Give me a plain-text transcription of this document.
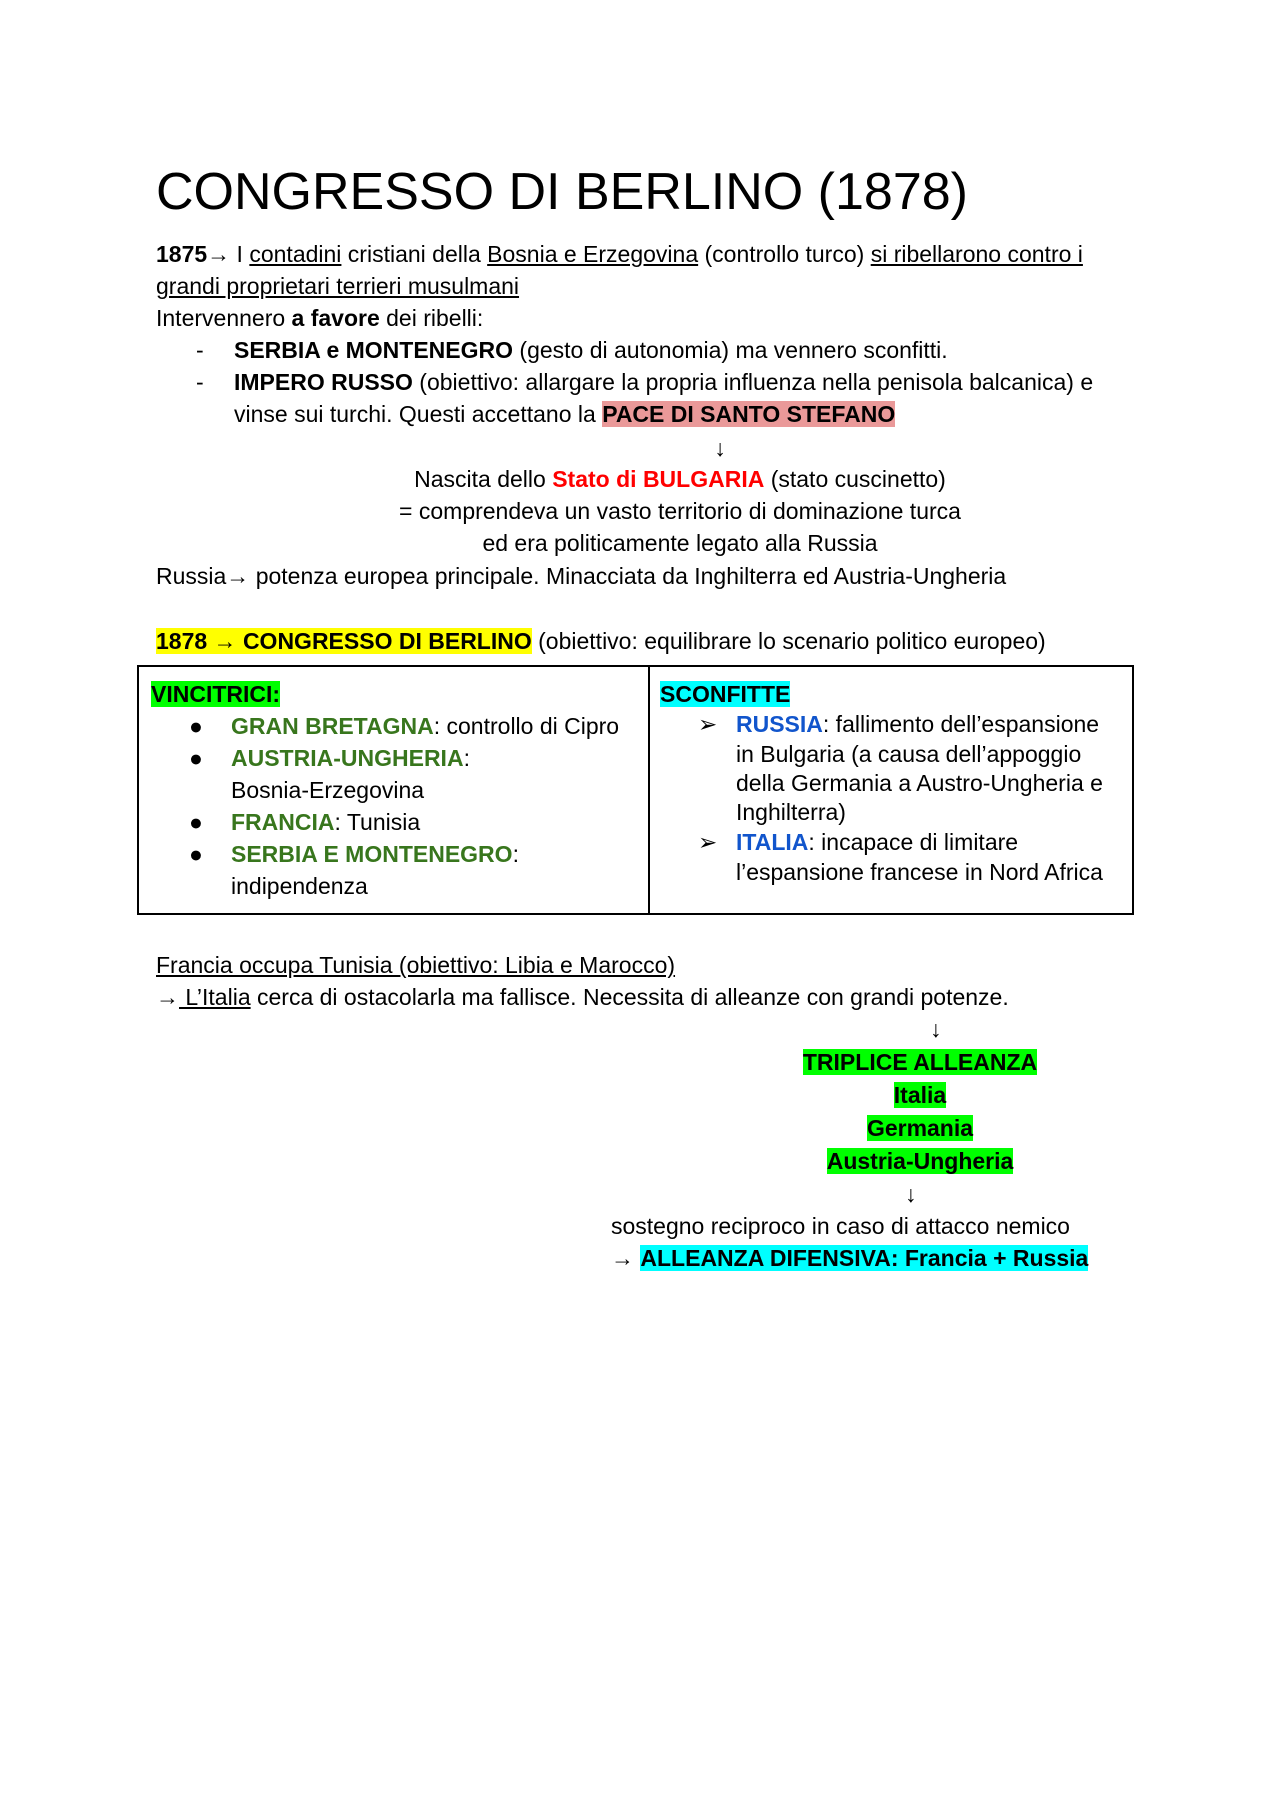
CONGRESSO DI BERLINO (1878)
1875→ I contadini cristiani della Bosnia e Erzegovina (controllo turco) si ribellarono contro i
grandi proprietari terrieri musulmani
Intervennero a favore dei ribelli:
- SERBIA e MONTENEGRO (gesto di autonomia) ma vennero sconfitti.
- IMPERO RUSSO (obiettivo: allargare la propria influenza nella penisola balcanica) e
vinse sui turchi. Questi accettano la PACE DI SANTO STEFANO
↓
Nascita dello Stato di BULGARIA (stato cuscinetto)
= comprendeva un vasto territorio di dominazione turca
ed era politicamente legato alla Russia
Russia→ potenza europea principale. Minacciata da Inghilterra ed Austria-Ungheria
1878 → CONGRESSO DI BERLINO (obiettivo: equilibrare lo scenario politico europeo)
VINCITRICI:
● GRAN BRETAGNA: controllo di Cipro
● AUSTRIA-UNGHERIA:
Bosnia-Erzegovina
● FRANCIA: Tunisia
● SERBIA E MONTENEGRO:
indipendenza
SCONFITTE
➢ RUSSIA: fallimento dell’espansione
in Bulgaria (a causa dell’appoggio
della Germania a Austro-Ungheria e
Inghilterra)
➢ ITALIA: incapace di limitare
l’espansione francese in Nord Africa
Francia occupa Tunisia (obiettivo: Libia e Marocco)
→ L’Italia cerca di ostacolarla ma fallisce. Necessita di alleanze con grandi potenze.
↓
TRIPLICE ALLEANZA
Italia
Germania
Austria-Ungheria
↓
sostegno reciproco in caso di attacco nemico
→ ALLEANZA DIFENSIVA: Francia + Russia
